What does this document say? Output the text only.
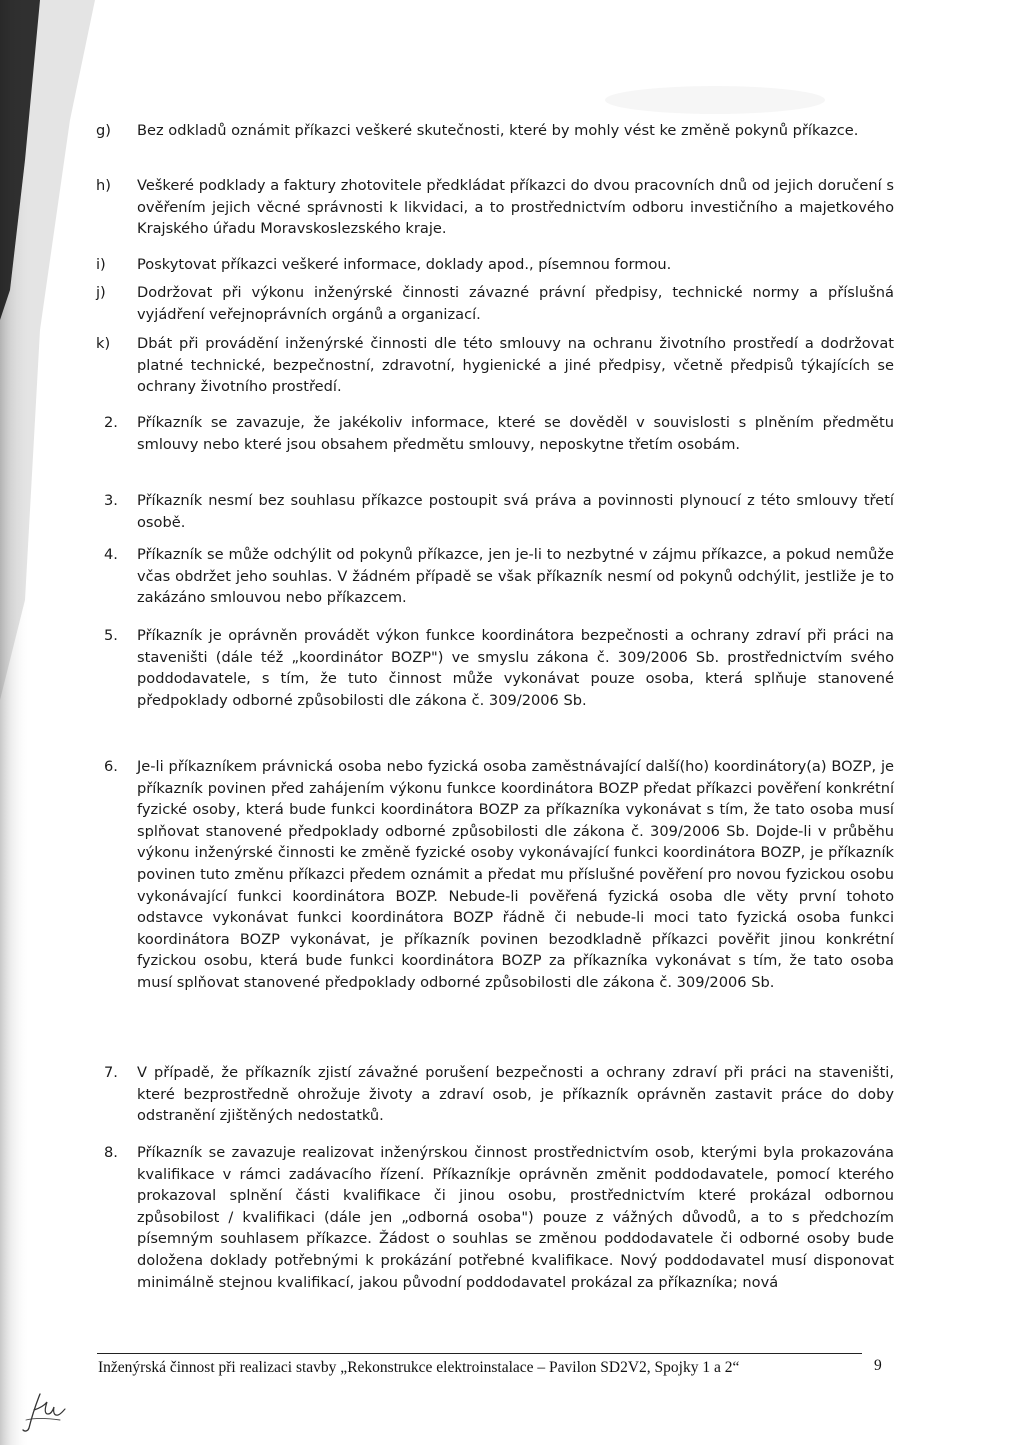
g) Bez odkladů oznámit příkazci veškeré skutečnosti, které by mohly vést ke změně pokynů příkazce.
h) Veškeré podklady a faktury zhotovitele předkládat příkazci do dvou pracovních dnů od jejich doručení s ověřením jejich věcné správnosti k likvidaci, a to prostřednictvím odboru investičního a majetkového Krajského úřadu Moravskoslezského kraje.
i) Poskytovat příkazci veškeré informace, doklady apod., písemnou formou.
j) Dodržovat při výkonu inženýrské činnosti závazné právní předpisy, technické normy a příslušná vyjádření veřejnoprávních orgánů a organizací.
k) Dbát při provádění inženýrské činnosti dle této smlouvy na ochranu životního prostředí a dodržovat platné technické, bezpečnostní, zdravotní, hygienické a jiné předpisy, včetně předpisů týkajících se ochrany životního prostředí.
2. Příkazník se zavazuje, že jakékoliv informace, které se dověděl v souvislosti s plněním předmětu smlouvy nebo které jsou obsahem předmětu smlouvy, neposkytne třetím osobám.
3. Příkazník nesmí bez souhlasu příkazce postoupit svá práva a povinnosti plynoucí z této smlouvy třetí osobě.
4. Příkazník se může odchýlit od pokynů příkazce, jen je-li to nezbytné v zájmu příkazce, a pokud nemůže včas obdržet jeho souhlas. V žádném případě se však příkazník nesmí od pokynů odchýlit, jestliže je to zakázáno smlouvou nebo příkazcem.
5. Příkazník je oprávněn provádět výkon funkce koordinátora bezpečnosti a ochrany zdraví při práci na staveništi (dále též „koordinátor BOZP") ve smyslu zákona č. 309/2006 Sb. prostřednictvím svého poddodavatele, s tím, že tuto činnost může vykonávat pouze osoba, která splňuje stanovené předpoklady odborné způsobilosti dle zákona č. 309/2006 Sb.
6. Je-li příkazníkem právnická osoba nebo fyzická osoba zaměstnávající další(ho) koordinátory(a) BOZP, je příkazník povinen před zahájením výkonu funkce koordinátora BOZP předat příkazci pověření konkrétní fyzické osoby, která bude funkci koordinátora BOZP za příkazníka vykonávat s tím, že tato osoba musí splňovat stanovené předpoklady odborné způsobilosti dle zákona č. 309/2006 Sb. Dojde-li v průběhu výkonu inženýrské činnosti ke změně fyzické osoby vykonávající funkci koordinátora BOZP, je příkazník povinen tuto změnu příkazci předem oznámit a předat mu příslušné pověření pro novou fyzickou osobu vykonávající funkci koordinátora BOZP. Nebude-li pověřená fyzická osoba dle věty první tohoto odstavce vykonávat funkci koordinátora BOZP řádně či nebude-li moci tato fyzická osoba funkci koordinátora BOZP vykonávat, je příkazník povinen bezodkladně příkazci pověřit jinou konkrétní fyzickou osobu, která bude funkci koordinátora BOZP za příkazníka vykonávat s tím, že tato osoba musí splňovat stanovené předpoklady odborné způsobilosti dle zákona č. 309/2006 Sb.
7. V případě, že příkazník zjistí závažné porušení bezpečnosti a ochrany zdraví při práci na staveništi, které bezprostředně ohrožuje životy a zdraví osob, je příkazník oprávněn zastavit práce do doby odstranění zjištěných nedostatků.
8. Příkazník se zavazuje realizovat inženýrskou činnost prostřednictvím osob, kterými byla prokazována kvalifikace v rámci zadávacího řízení. Příkazníkje oprávněn změnit poddodavatele, pomocí kterého prokazoval splnění části kvalifikace či jinou osobu, prostřednictvím které prokázal odbornou způsobilost / kvalifikaci (dále jen „odborná osoba") pouze z vážných důvodů, a to s předchozím písemným souhlasem příkazce. Žádost o souhlas se změnou poddodavatele či odborné osoby bude doložena doklady potřebnými k prokázání potřebné kvalifikace. Nový poddodavatel musí disponovat minimálně stejnou kvalifikací, jakou původní poddodavatel prokázal za příkazníka; nová
Inženýrská činnost při realizaci stavby „Rekonstrukce elektroinstalace – Pavilon SD2V2, Spojky 1 a 2“	9
